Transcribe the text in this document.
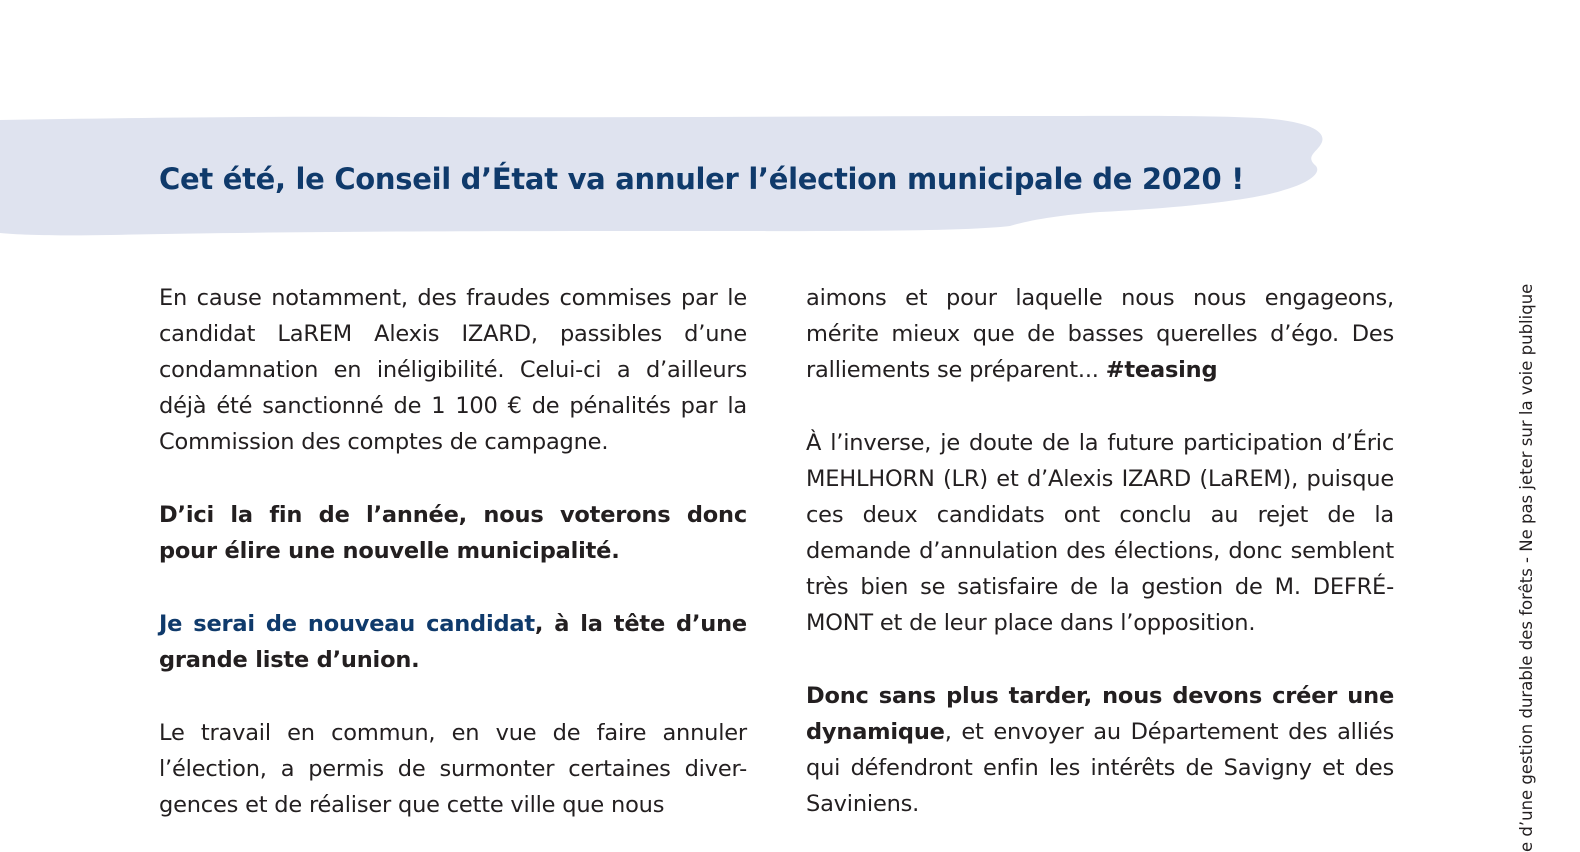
Cet été, le Conseil d’État va annuler l’élection municipale de 2020 !

En cause notamment, des fraudes commises par le candidat LaREM Alexis IZARD, passibles d’une condamnation en inéligibilité. Celui-ci a d’ailleurs déjà été sanctionné de 1 100 € de pénalités par la Commission des comptes de campagne.

D’ici la fin de l’année, nous voterons donc pour élire une nouvelle municipalité.

Je serai de nouveau candidat, à la tête d’une grande liste d’union.

Le travail en commun, en vue de faire annuler l’élection, a permis de surmonter certaines diver-gences et de réaliser que cette ville que nous

aimons et pour laquelle nous nous engageons, mérite mieux que de basses querelles d’égo. Des ralliements se préparent... #teasing

À l’inverse, je doute de la future participation d’Éric MEHLHORN (LR) et d’Alexis IZARD (LaREM), puisque ces deux candidats ont conclu au rejet de la demande d’annulation des élections, donc semblent très bien se satisfaire de la gestion de M. DEFRÉ-MONT et de leur place dans l’opposition.

Donc sans plus tarder, nous devons créer une dynamique, et envoyer au Département des alliés qui défendront enfin les intérêts de Savigny et des Saviniens.	e d’une gestion durable des forêts - Ne pas jeter sur la voie publique
